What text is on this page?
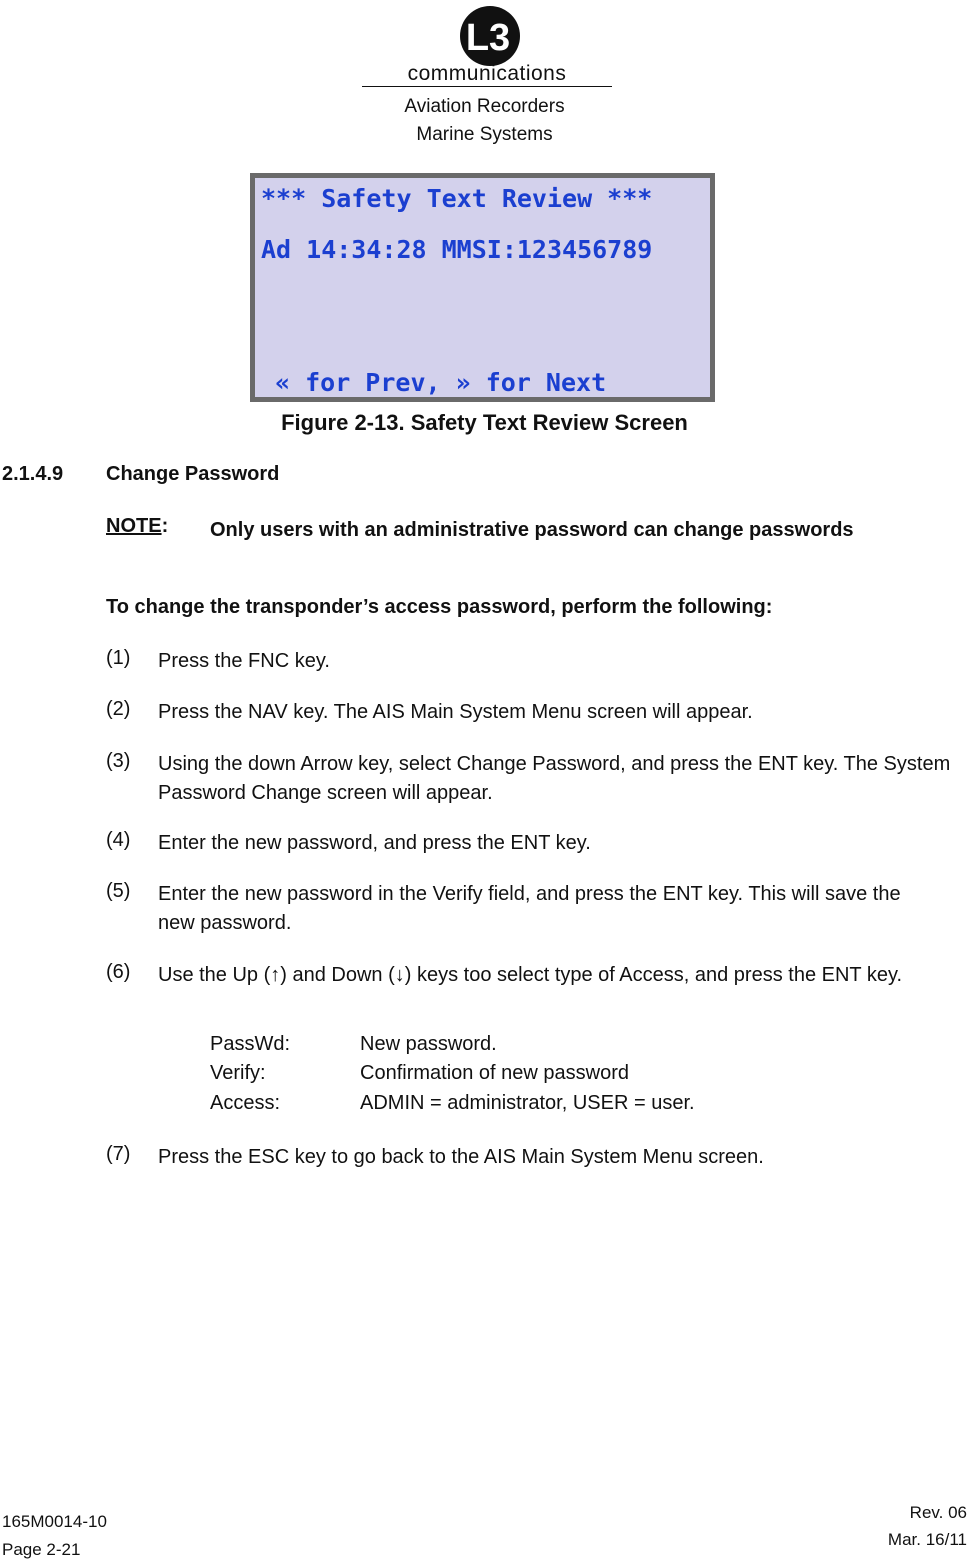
L3
communications
Aviation Recorders
Marine Systems
*** Safety Text Review ***
Ad 14:34:28 MMSI:123456789
« for Prev, » for Next
Figure 2-13. Safety Text Review Screen
2.1.4.9 Change Password
NOTE: Only users with an administrative password can change passwords
To change the transponder’s access password, perform the following:
(1) Press the FNC key.
(2) Press the NAV key. The AIS Main System Menu screen will appear.
(3) Using the down Arrow key, select Change Password, and press the ENT key. The System Password Change screen will appear.
(4) Enter the new password, and press the ENT key.
(5) Enter the new password in the Verify field, and press the ENT key. This will save the new password.
(6) Use the Up (↑) and Down (↓) keys too select type of Access, and press the ENT key.
PassWd:	New password.
Verify:	Confirmation of new password
Access:	ADMIN = administrator, USER = user.
(7) Press the ESC key to go back to the AIS Main System Menu screen.
165M0014-10
Page 2-21
Rev. 06
Mar. 16/11
